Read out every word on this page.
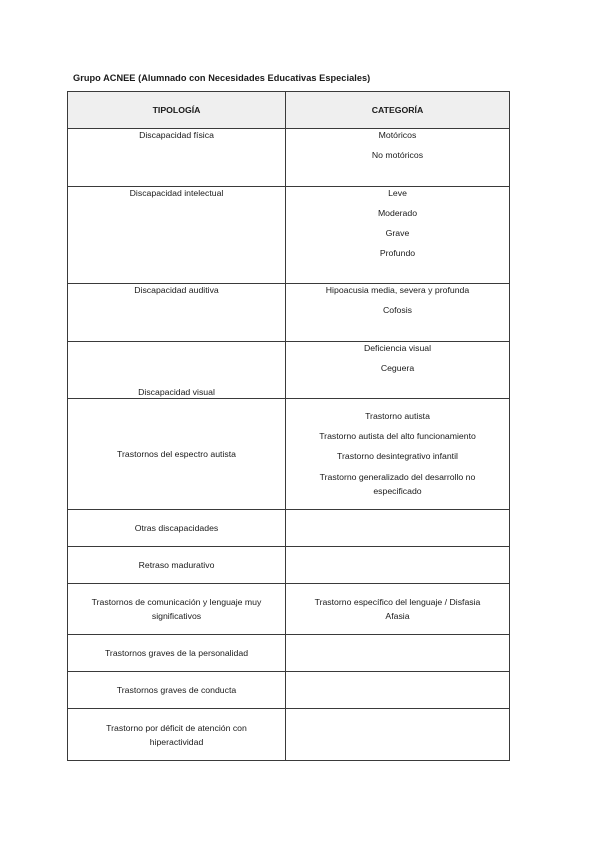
Grupo ACNEE (Alumnado con Necesidades Educativas Especiales)
TIPOLOGÍA	CATEGORÍA

Discapacidad física	Motóricos
No motóricos

Discapacidad intelectual	Leve
Moderado
Grave
Profundo

Discapacidad auditiva	Hipoacusia media, severa y profunda
Cofosis

Discapacidad visual	Deficiencia visual
Ceguera

Trastornos del espectro autista	Trastorno autista
Trastorno autista del alto funcionamiento
Trastorno desintegrativo infantil
Trastorno generalizado del desarrollo no especificado

Otras discapacidades	

Retraso madurativo	

Trastornos de comunicación y lenguaje muy significativos	Trastorno específico del lenguaje / Disfasia
Afasia

Trastornos graves de la personalidad	

Trastornos graves de conducta	

Trastorno por déficit de atención con hiperactividad	
